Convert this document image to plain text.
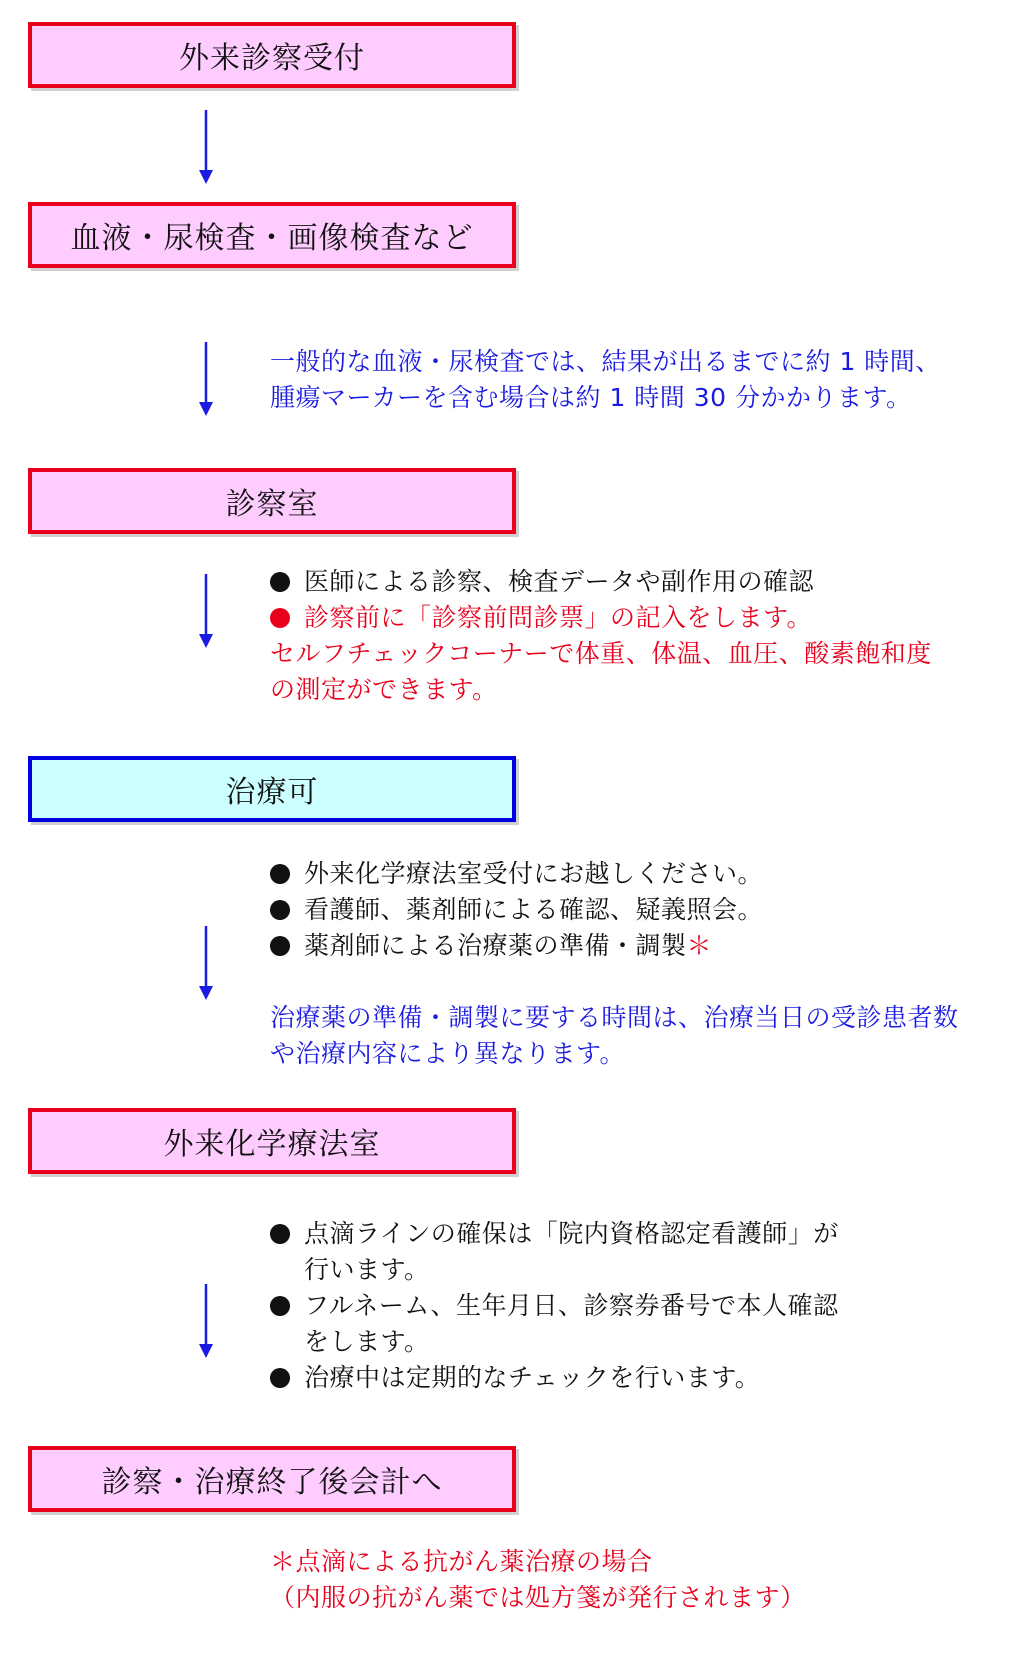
外来診察受付
血液・尿検査・画像検査など
診察室
治療可
外来化学療法室
診察・治療終了後会計へ
一般的な血液・尿検査では、結果が出るまでに約 1 時間、
腫瘍マーカーを含む場合は約 1 時間 30 分かかります。
医師による診察、検査データや副作用の確認
診察前に「診察前問診票」の記入をします。
セルフチェックコーナーで体重、体温、血圧、酸素飽和度
の測定ができます。
外来化学療法室受付にお越しください。
看護師、薬剤師による確認、疑義照会。
薬剤師による治療薬の準備・調製 ＊
治療薬の準備・調製に要する時間は、治療当日の受診患者数
や治療内容により異なります。
点滴ラインの確保は「院内資格認定看護師」が
行います。
フルネーム、生年月日、診察券番号で本人確認
をします。
治療中は定期的なチェックを行います。
＊点滴による抗がん薬治療の場合
（内服の抗がん薬では処方箋が発行されます）
